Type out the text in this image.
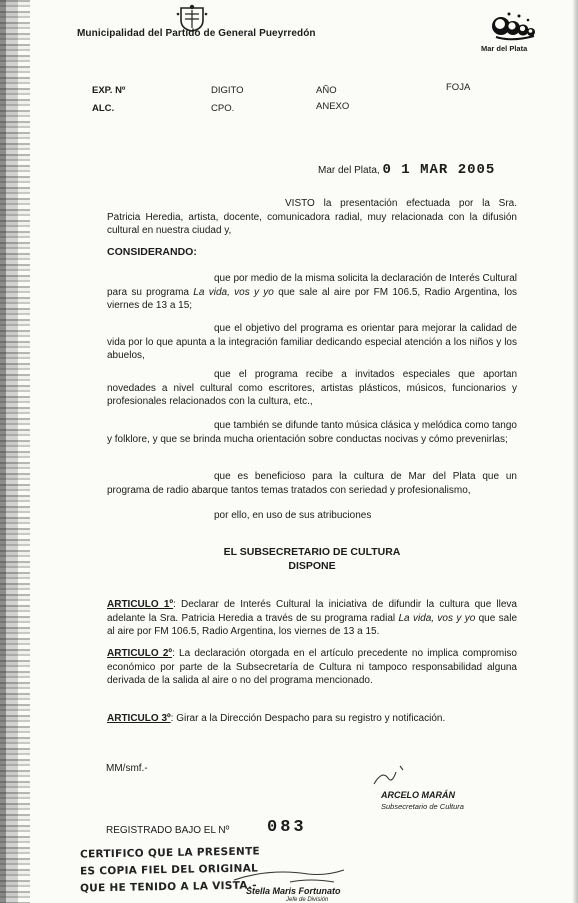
Municipalidad del Partido de General Pueyrredón
Mar del Plata
EXP. Nº	DIGITO	AÑO	FOJA
ALC.	CPO.	ANEXO
Mar del Plata, 0 1 MAR 2005
VISTO la presentación efectuada por la Sra. Patricia Heredia, artista, docente, comunicadora radial, muy relacionada con la difusión cultural en nuestra ciudad y,
CONSIDERANDO:
que por medio de la misma solicita la declaración de Interés Cultural para su programa La vida, vos y yo que sale al aire por FM 106.5, Radio Argentina, los viernes de 13 a 15;
que el objetivo del programa es orientar para mejorar la calidad de vida por lo que apunta a la integración familiar dedicando especial atención a los niños y los abuelos,
que el programa recibe a invitados especiales que aportan novedades a nivel cultural como escritores, artistas plásticos, músicos, funcionarios y profesionales relacionados con la cultura, etc.,
que también se difunde tanto música clásica y melódica como tango y folklore, y que se brinda mucha orientación sobre conductas nocivas y cómo prevenirlas;
que es beneficioso para la cultura de Mar del Plata que un programa de radio abarque tantos temas tratados con seriedad y profesionalismo,
por ello, en uso de sus atribuciones
EL SUBSECRETARIO DE CULTURA
DISPONE
ARTICULO 1º: Declarar de Interés Cultural la iniciativa de difundir la cultura que lleva adelante la Sra. Patricia Heredia a través de su programa radial La vida, vos y yo que sale al aire por FM 106.5, Radio Argentina, los viernes de 13 a 15.
ARTICULO 2º: La declaración otorgada en el artículo precedente no implica compromiso económico por parte de la Subsecretaría de Cultura ni tampoco responsabilidad alguna derivada de la salida al aire o no del programa mencionado.
ARTICULO 3º: Girar a la Dirección Despacho para su registro y notificación.
MM/smf.-
ARCELO MARÁN
Subsecretario de Cultura
REGISTRADO BAJO EL Nº 083
CERTIFICO QUE LA PRESENTE
ES COPIA FIEL DEL ORIGINAL
QUE HE TENIDO A LA VISTA.-
Stella Maris Fortunato
Jefe de División
